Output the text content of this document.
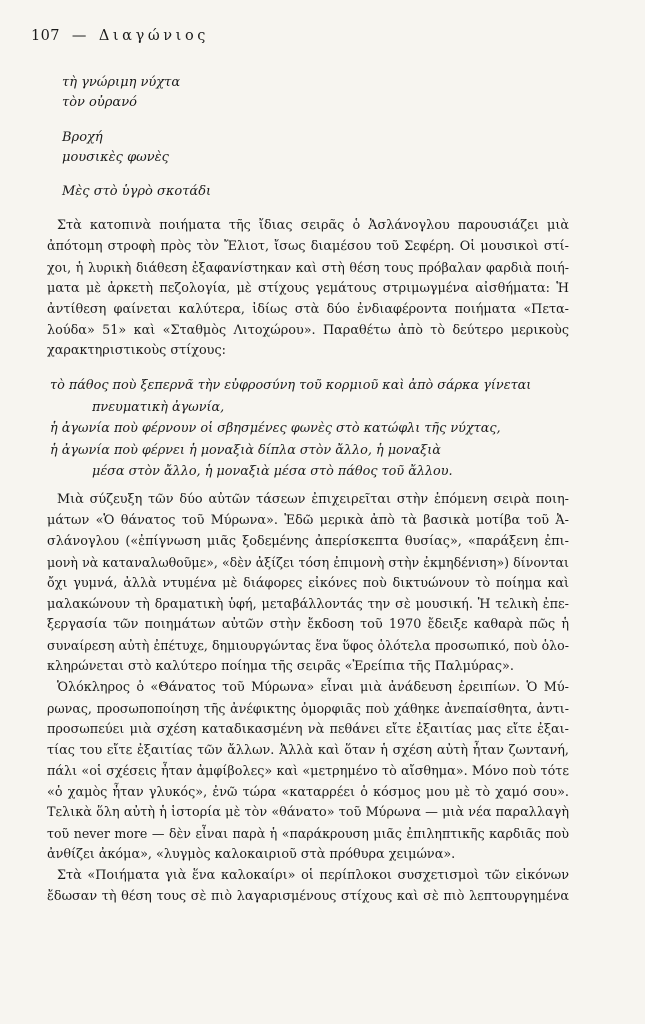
107 — Διαγώνιος
τὴ γνώριμη νύχτα
τὸν οὐρανό
Βροχή
μουσικὲς φωνὲς
Μὲς στὸ ὑγρὸ σκοτάδι
Στὰ κατοπινὰ ποιήματα τῆς ἴδιας σειρᾶς ὁ Ἀσλάνογλου παρουσιάζει μιὰ
ἀπότομη στροφὴ πρὸς τὸν Ἔλιοτ, ἴσως διαμέσου τοῦ Σεφέρη. Οἱ μουσικοὶ στί-
χοι, ἡ λυρικὴ διάθεση ἐξαφανίστηκαν καὶ στὴ θέση τους πρόβαλαν φαρδιὰ ποιή-
ματα μὲ ἀρκετὴ πεζολογία, μὲ στίχους γεμάτους στριμωγμένα αἰσθήματα: Ἡ
ἀντίθεση φαίνεται καλύτερα, ἰδίως στὰ δύο ἐνδιαφέροντα ποιήματα «Πετα-
λούδα» 51» καὶ «Σταθμὸς Λιτοχώρου». Παραθέτω ἀπὸ τὸ δεύτερο μερικοὺς
χαρακτηριστικοὺς στίχους:
τὸ πάθος ποὺ ξεπερνᾶ τὴν εὐφροσύνη τοῦ κορμιοῦ καὶ ἀπὸ σάρκα γίνεται
πνευματικὴ ἀγωνία,
ἡ ἀγωνία ποὺ φέρνουν οἱ σβησμένες φωνὲς στὸ κατώφλι τῆς νύχτας,
ἡ ἀγωνία ποὺ φέρνει ἡ μοναξιὰ δίπλα στὸν ἄλλο, ἡ μοναξιὰ
μέσα στὸν ἄλλο, ἡ μοναξιὰ μέσα στὸ πάθος τοῦ ἄλλου.
Μιὰ σύζευξη τῶν δύο αὐτῶν τάσεων ἐπιχειρεῖται στὴν ἑπόμενη σειρὰ ποιη-
μάτων «Ὁ θάνατος τοῦ Μύρωνα». Ἐδῶ μερικὰ ἀπὸ τὰ βασικὰ μοτίβα τοῦ Ἀ-
σλάνογλου («ἐπίγνωση μιᾶς ξοδεμένης ἀπερίσκεπτα θυσίας», «παράξενη ἐπι-
μονὴ νὰ καταναλωθοῦμε», «δὲν ἀξίζει τόση ἐπιμονὴ στὴν ἐκμηδένιση») δίνονται
ὄχι γυμνά, ἀλλὰ ντυμένα μὲ διάφορες εἰκόνες ποὺ δικτυώνουν τὸ ποίημα καὶ
μαλακώνουν τὴ δραματικὴ ὑφή, μεταβάλλοντάς την σὲ μουσική. Ἡ τελικὴ ἐπε-
ξεργασία τῶν ποιημάτων αὐτῶν στὴν ἔκδοση τοῦ 1970 ἔδειξε καθαρὰ πῶς ἡ
συναίρεση αὐτὴ ἐπέτυχε, δημιουργώντας ἕνα ὕφος ὁλότελα προσωπικό, ποὺ ὁλο-
κληρώνεται στὸ καλύτερο ποίημα τῆς σειρᾶς «Ἐρείπια τῆς Παλμύρας».
Ὁλόκληρος ὁ «Θάνατος τοῦ Μύρωνα» εἶναι μιὰ ἀνάδευση ἐρειπίων. Ὁ Μύ-
ρωνας, προσωποποίηση τῆς ἀνέφικτης ὀμορφιᾶς ποὺ χάθηκε ἀνεπαίσθητα, ἀντι-
προσωπεύει μιὰ σχέση καταδικασμένη νὰ πεθάνει εἴτε ἐξαιτίας μας εἴτε ἐξαι-
τίας του εἴτε ἐξαιτίας τῶν ἄλλων. Ἀλλὰ καὶ ὅταν ἡ σχέση αὐτὴ ἦταν ζωντανή,
πάλι «οἱ σχέσεις ἦταν ἀμφίβολες» καὶ «μετρημένο τὸ αἴσθημα». Μόνο ποὺ τότε
«ὁ χαμὸς ἦταν γλυκός», ἐνῶ τώρα «καταρρέει ὁ κόσμος μου μὲ τὸ χαμό σου».
Τελικὰ ὅλη αὐτὴ ἡ ἱστορία μὲ τὸν «θάνατο» τοῦ Μύρωνα — μιὰ νέα παραλλαγὴ
τοῦ never more — δὲν εἶναι παρὰ ἡ «παράκρουση μιᾶς ἐπιληπτικῆς καρδιᾶς ποὺ
ἀνθίζει ἀκόμα», «λυγμὸς καλοκαιριοῦ στὰ πρόθυρα χειμώνα».
Στὰ «Ποιήματα γιὰ ἕνα καλοκαίρι» οἱ περίπλοκοι συσχετισμοὶ τῶν εἰκόνων
ἔδωσαν τὴ θέση τους σὲ πιὸ λαγαρισμένους στίχους καὶ σὲ πιὸ λεπτουργημένα
